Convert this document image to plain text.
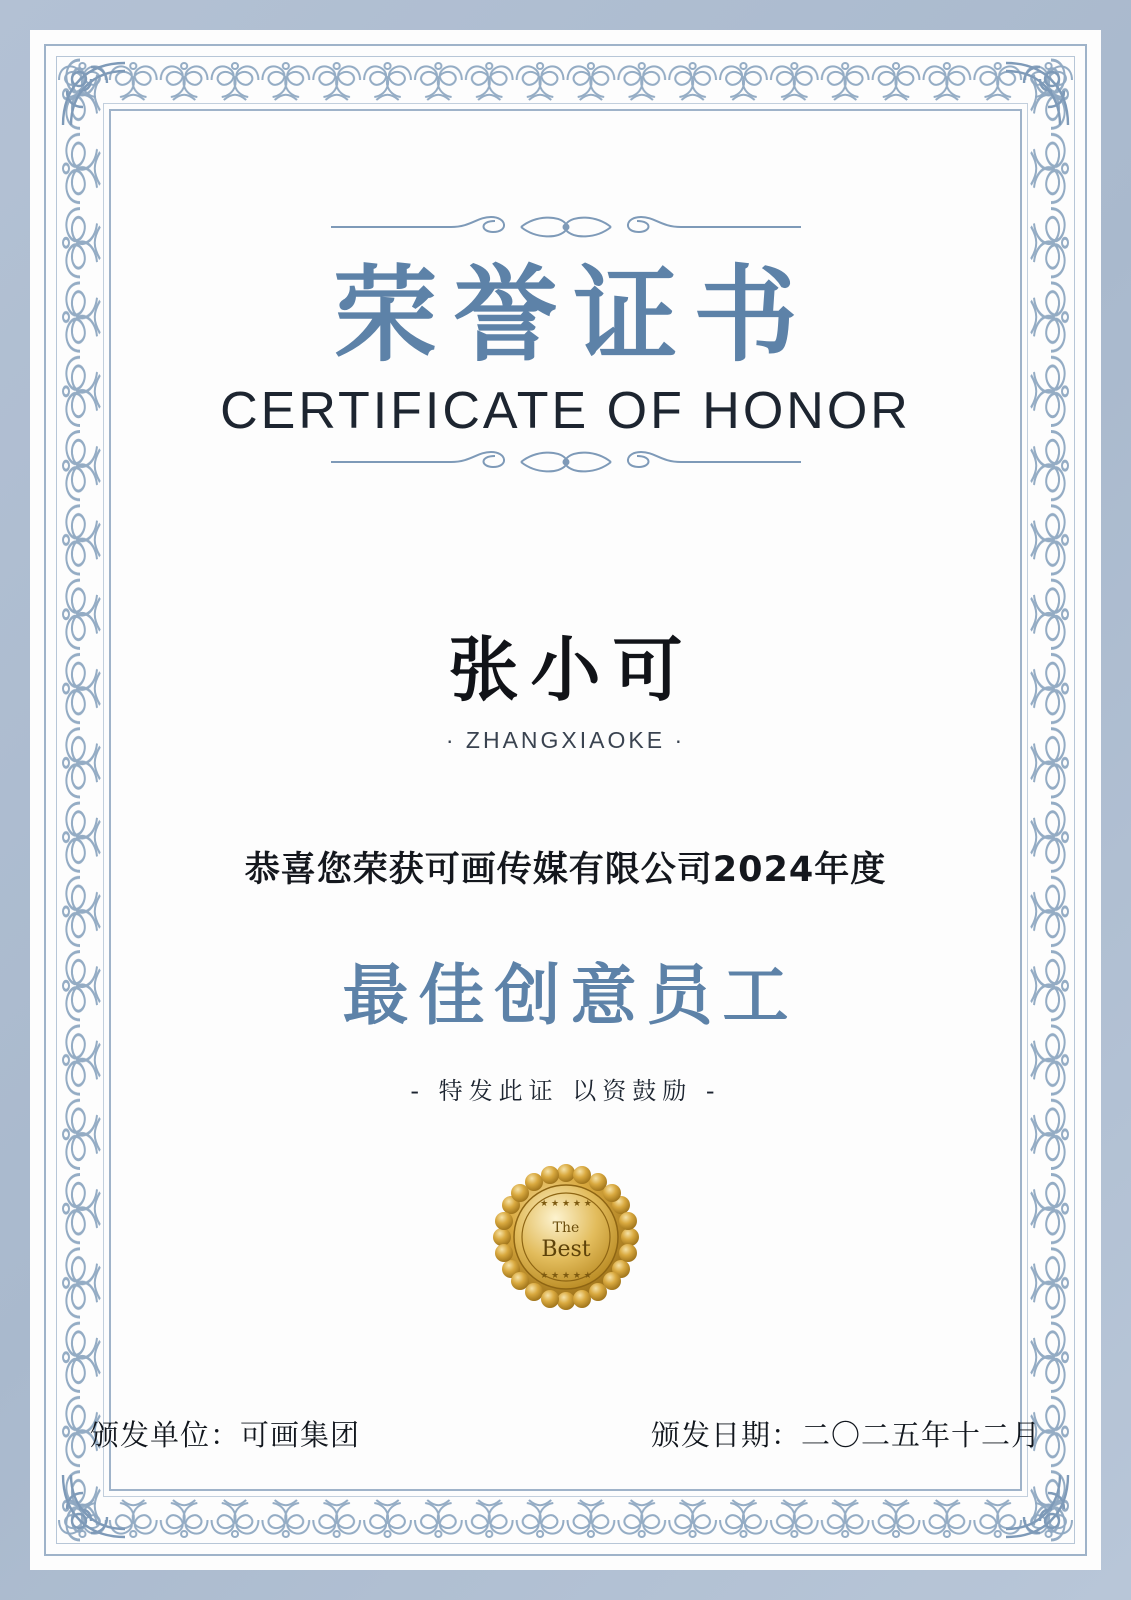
荣誉证书
CERTIFICATE OF HONOR
张小可
· ZHANGXIAOKE ·
恭喜您荣获可画传媒有限公司2024年度
最佳创意员工
- 特发此证 以资鼓励 -
★ ★ ★ ★ ★
★ ★ ★ ★ ★
The
Best
颁发单位：可画集团	颁发日期：二〇二五年十二月
